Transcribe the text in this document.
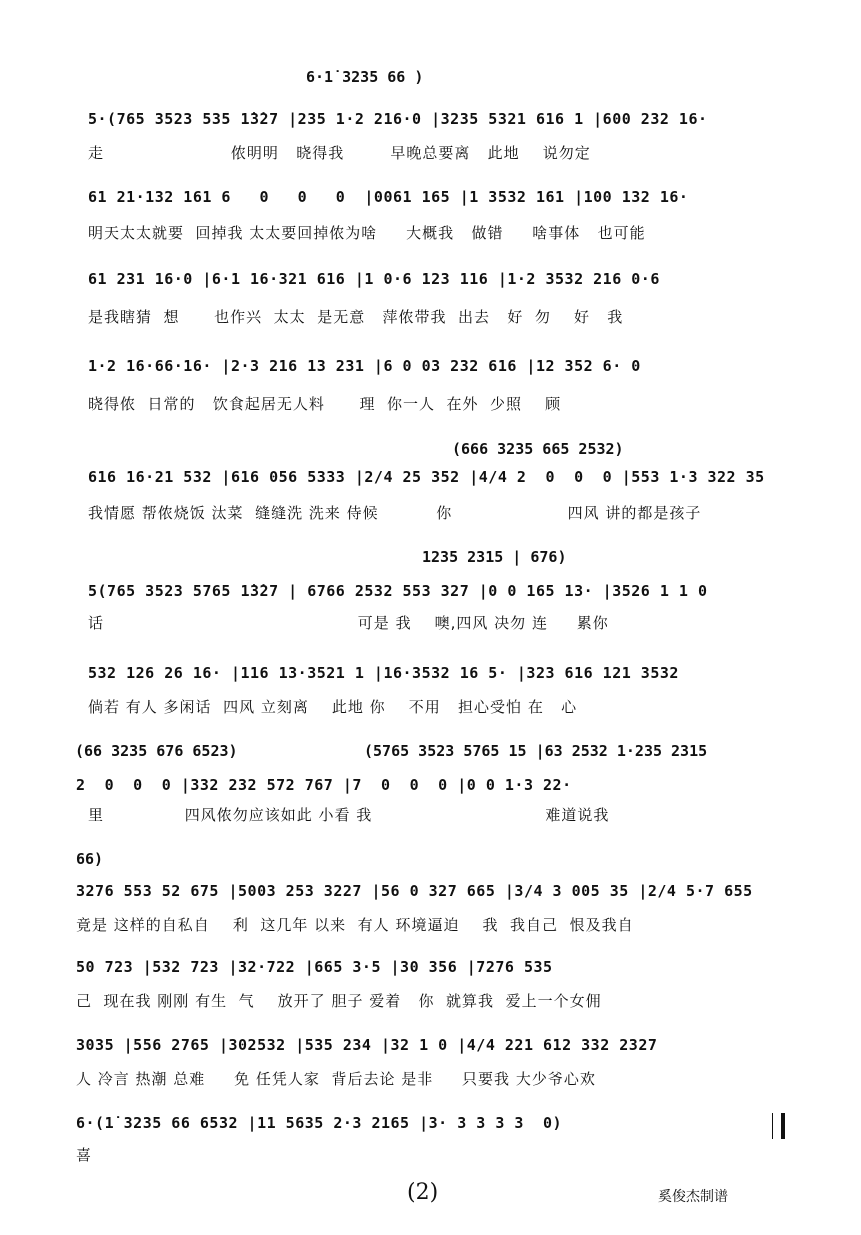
6·1̇ 3235 66 )
5·(765 3523 535 1̇3̇27 |235 1·2 216·0 |3235 5321 616 1 |600 232 16·
走                      侬明明   晓得我        早晚总要离   此地    说勿定
61 21·132 161 6   0   0   0  |0061 165 |1 3532 161 |100 132 16·
明天太太就要  回掉我 太太要回掉侬为啥     大概我   做错     啥事体   也可能
61 231 16·0 |6·1 16·321 616 |1 0·6 123 116 |1·2 3532 216 0·6
是我瞎猜  想      也作兴  太太  是无意   萍侬带我  出去   好  勿    好   我
1·2 16·66·16· |2·3 216 13 231 |6 0 03 232 616 |12 352 6· 0
晓得侬  日常的   饮食起居无人料      理  你一人  在外  少照    顾
(666 3235 665 2532)
616 16·21 532 |616 056 5333 |2/4 25 352 |4/4 2  0  0  0 |553 1·3 322 35
我情愿 帮侬烧饭 汰菜  缝缝洗 洗来 侍候          你                    四风 讲的都是孩子
1235 2315 | 676)
5(765 3523 5765 1̇3̇27 | 6766 2532 553 327 |0 0 165 13· |3526 1 1 0
话                                            可是 我    噢,四风 决勿 连     累你
532 126 26 16· |116 13·3521 1 |16·3532 16 5· |323 616 121 3532
倘若 有人 多闲话  四风 立刻离    此地 你    不用   担心受怕 在   心
(66 3235 676 6523)              (5765 3523 5765 15 |63 2532 1·235 2315
2  0  0  0 |332 232 572 767 |7  0  0  0 |0 0 1·3 22·
里              四风侬勿应该如此 小看 我                              难道说我
66)
3276 553 52 675 |5003 253 3227 |56 0 327 665 |3/4 3 005 35 |2/4 5·7 655
竟是 这样的自私自    利  这几年 以来  有人 环境逼迫    我  我自己  恨及我自
50 723 |532 723 |32·722 |665 3·5 |30 356 |7276 535
己  现在我 刚刚 有生  气    放开了 胆子 爱着   你  就算我  爱上一个女佣
3035 |556 2765 |302532 |535 234 |32 1 0 |4/4 221 612 332 2327
人 冷言 热潮 总难     免 任凭人家  背后去论 是非     只要我 大少爷心欢
6·(1̇ 3235 66 6532 |11 5635 2·3 2165 |3· 3 3 3 3  0)
喜
(2)	奚俊杰制谱
